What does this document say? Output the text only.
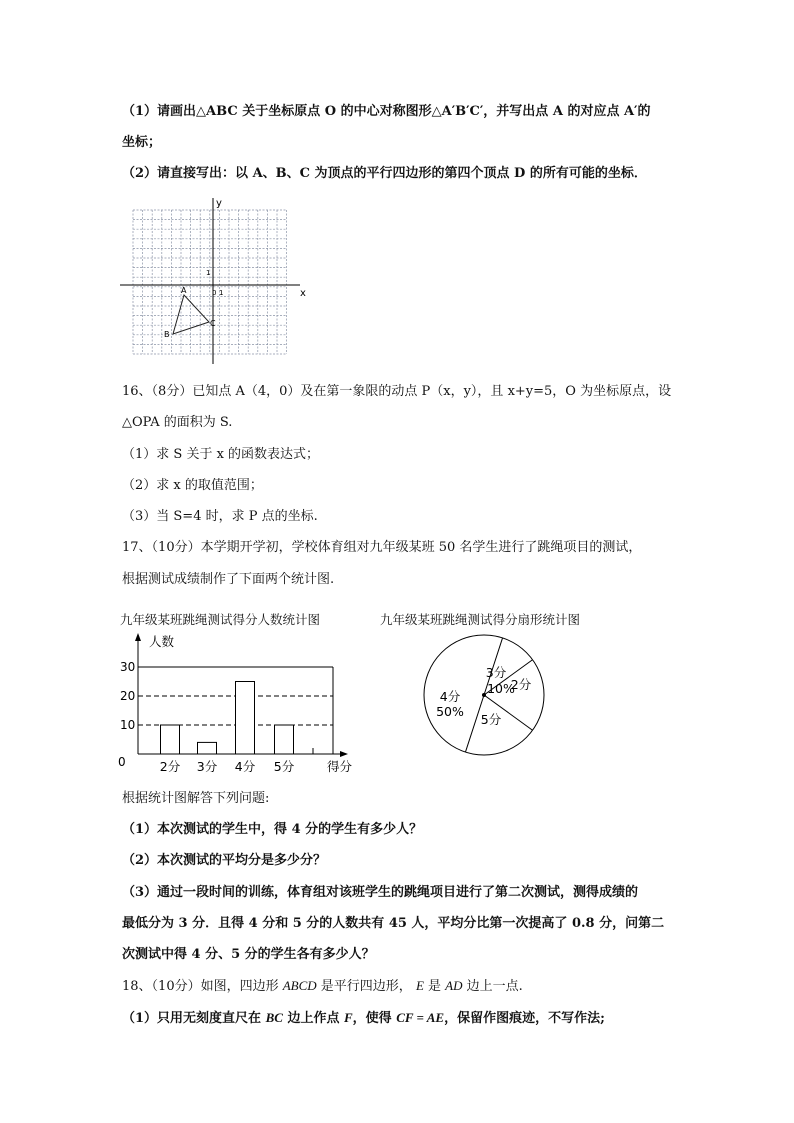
（1）请画出△ABC 关于坐标原点 O 的中心对称图形△A′B′C′，并写出点 A 的对应点 A′的
坐标；
（2）请直接写出：以 A、B、C 为顶点的平行四边形的第四个顶点 D 的所有可能的坐标．
x
y
0 1
1
A
B
C
16、（8分）已知点 A（4，0）及在第一象限的动点 P（x，y），且 x+y=5，O 为坐标原点，设
△OPA 的面积为 S.
（1）求 S 关于 x 的函数表达式；
（2）求 x 的取值范围；
（3）当 S=4 时，求 P 点的坐标.
17、（10分）本学期开学初，学校体育组对九年级某班 50 名学生进行了跳绳项目的测试，
根据测试成绩制作了下面两个统计图.
九年级某班跳绳测试得分人数统计图	九年级某班跳绳测试得分扇形统计图
10
20
30
2分 3分 4分 5分
人数
得分
0
4分
50%
3分
10%
2分
5分
根据统计图解答下列问题:
（1）本次测试的学生中，得 4 分的学生有多少人？
（2）本次测试的平均分是多少分？
（3）通过一段时间的训练，体育组对该班学生的跳绳项目进行了第二次测试，测得成绩的
最低分为 3 分．且得 4 分和 5 分的人数共有 45 人，平均分比第一次提高了 0.8 分，问第二
次测试中得 4 分、5 分的学生各有多少人？
18、（10分）如图，四边形 ABCD 是平行四边形， E 是 AD 边上一点.
（1）只用无刻度直尺在 BC 边上作点 F，使得 CF = AE，保留作图痕迹，不写作法;
